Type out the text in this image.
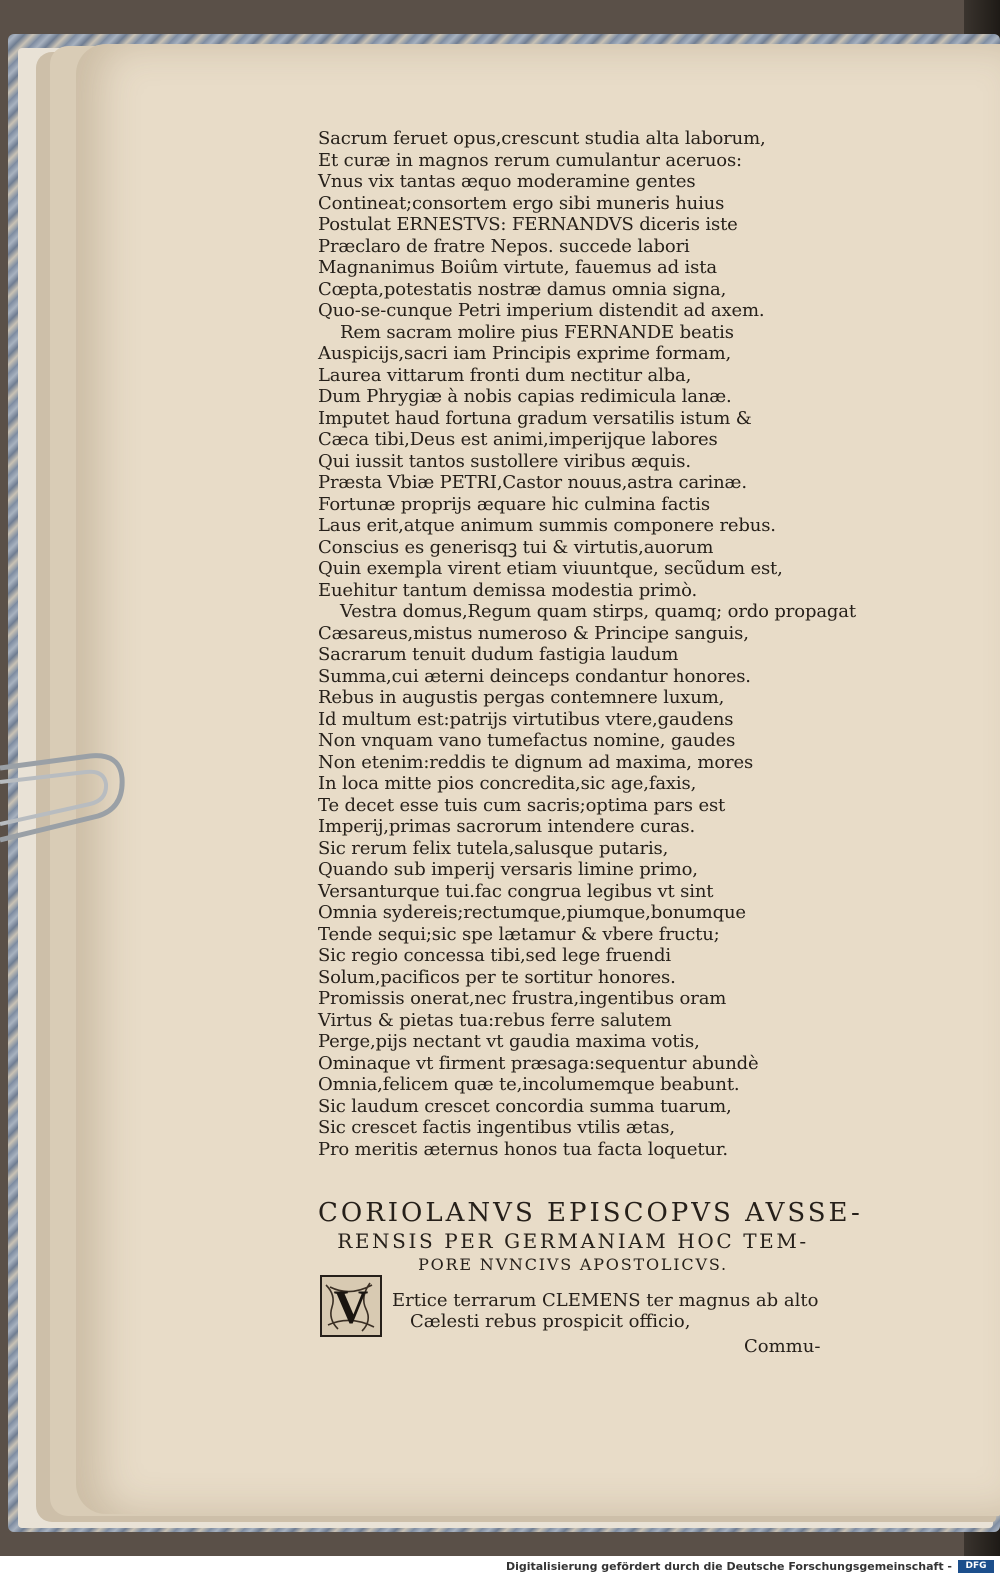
Sacrum feruet opus,crescunt studia alta laborum,
Et curæ in magnos rerum cumulantur aceruos:
Vnus vix tantas æquo moderamine gentes
Contineat;consortem ergo sibi muneris huius
Postulat ERNESTVS: FERNANDVS diceris iste
Præclaro de fratre Nepos. succede labori
Magnanimus Boiûm virtute, fauemus ad ista
Cœpta,potestatis nostræ damus omnia signa,
Quo-se-cunque Petri imperium distendit ad axem.
Rem sacram molire pius FERNANDE beatis
Auspicijs,sacri iam Principis exprime formam,
Laurea vittarum fronti dum nectitur alba,
Dum Phrygiæ à nobis capias redimicula lanæ.
Imputet haud fortuna gradum versatilis istum &
Cæca tibi,Deus est animi,imperijque labores
Qui iussit tantos sustollere viribus æquis.
Præsta Vbiæ PETRI,Castor nouus,astra carinæ.
Fortunæ proprijs æquare hic culmina factis
Laus erit,atque animum summis componere rebus.
Conscius es generisqꝫ tui & virtutis,auorum
Quin exempla virent etiam viuuntque, secũdum est,
Euehitur tantum demissa modestia primò.
Vestra domus,Regum quam stirps, quamq; ordo propagat
Cæsareus,mistus numeroso & Principe sanguis,
Sacrarum tenuit dudum fastigia laudum
Summa,cui æterni deinceps condantur honores.
Rebus in augustis pergas contemnere luxum,
Id multum est:patrijs virtutibus vtere,gaudens
Non vnquam vano tumefactus nomine, gaudes
Non etenim:reddis te dignum ad maxima, mores
In loca mitte pios concredita,sic age,faxis,
Te decet esse tuis cum sacris;optima pars est
Imperij,primas sacrorum intendere curas.
Sic rerum felix tutela,salusque putaris,
Quando sub imperij versaris limine primo,
Versanturque tui.fac congrua legibus vt sint
Omnia sydereis;rectumque,piumque,bonumque
Tende sequi;sic spe lætamur & vbere fructu;
Sic regio concessa tibi,sed lege fruendi
Solum,pacificos per te sortitur honores.
Promissis onerat,nec frustra,ingentibus oram
Virtus & pietas tua:rebus ferre salutem
Perge,pijs nectant vt gaudia maxima votis,
Ominaque vt firment præsaga:sequentur abundè
Omnia,felicem quæ te,incolumemque beabunt.
Sic laudum crescet concordia summa tuarum,
Sic crescet factis ingentibus vtilis ætas,
Pro meritis æternus honos tua facta loquetur.
CORIOLANVS EPISCOPVS AVSSE-
RENSIS PER GERMANIAM HOC TEM-
PORE NVNCIVS APOSTOLICVS.
V Ertice terrarum CLEMENS ter magnus ab alto
Cælesti rebus prospicit officio,
Commu-
Digitalisierung gefördert durch die Deutsche Forschungsgemeinschaft -	DFG
